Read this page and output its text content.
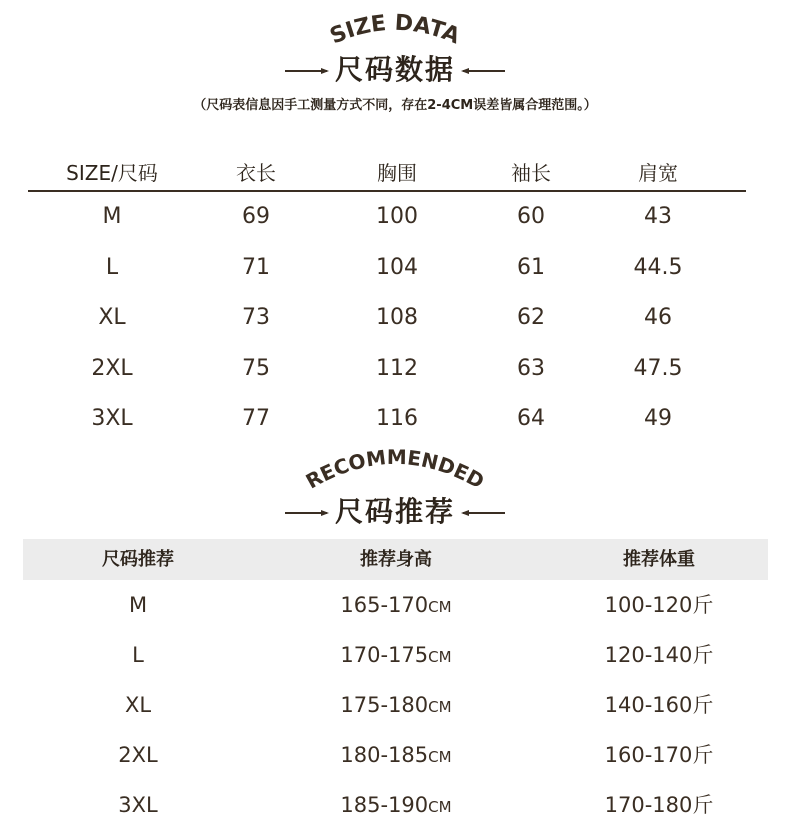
SIZE DATA
尺码数据
（尺码表信息因手工测量方式不同，存在2-4CM误差皆属合理范围。）
SIZE/尺码	衣长	胸围	袖长	肩宽
M	69	100	60	43
L	71	104	61	44.5
XL	73	108	62	46
2XL	75	112	63	47.5
3XL	77	116	64	49
RECOMMENDED
尺码推荐
尺码推荐	推荐身高	推荐体重
M	165-170CM	100-120斤
L	170-175CM	120-140斤
XL	175-180CM	140-160斤
2XL	180-185CM	160-170斤
3XL	185-190CM	170-180斤
